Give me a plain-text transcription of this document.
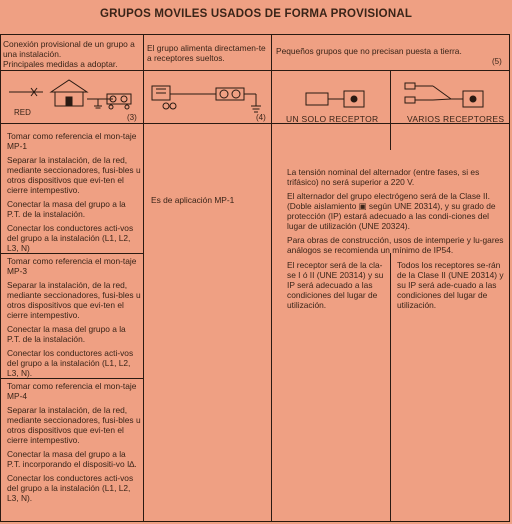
GRUPOS MOVILES USADOS DE FORMA PROVISIONAL
Conexión provisional de un grupo a una instalación.
Principales medidas a adoptar.
El grupo alimenta directamen-te a receptores sueltos.
Pequeños grupos que no precisan puesta a tierra.
(5)
RED
(3)	(4) UN SOLO RECEPTOR	VARIOS RECEPTORES

Tomar como referencia el mon-taje MP-1

Separar la instalación, de la red, mediante seccionadores, fusi-bles u otros dispositivos que evi-ten el cierre intempestivo.

Conectar la masa del grupo a la P.T. de la instalación.

Conectar los conductores acti-vos del grupo a la instalación (L1, L2, L3, N)

Tomar como referencia el mon-taje MP-3

Separar la instalación, de la red, mediante seccionadores, fusi-bles u otros dispositivos que evi-ten el cierre intempestivo.

Conectar la masa del grupo a la P.T. de la instalación.

Conectar los conductores acti-vos del grupo a la instalación (L1, L2, L3, N).

Tomar como referencia el mon-taje MP-4

Separar la instalación, de la red, mediante seccionadores, fusi-bles u otros dispositivos que evi-ten el cierre intempestivo.

Conectar la masa del grupo a la P.T. incorporando el dispositi-vo I∆.

Conectar los conductores acti-vos del grupo a la instalación (L1, L2, L3, N).

Es de aplicación MP-1

La tensión nominal del alternador (entre fases, si es trifásico) no será superior a 220 V.

El alternador del grupo electrógeno será de la Clase II. (Doble aislamiento ▣ según UNE 20314), y su grado de protección (IP) estará adecuado a las condi-ciones del lugar de utilización (UNE 20324).

Para obras de construcción, usos de intemperie y lu-gares análogos se recomienda un mínimo de IP54.

El receptor será de la cla-se I ó II (UNE 20314) y su IP será adecuado a las condiciones del lugar de utilización.
Todos los receptores se-rán de la Clase II (UNE 20314) y su IP será ade-cuado a las condiciones del lugar de utilización.
